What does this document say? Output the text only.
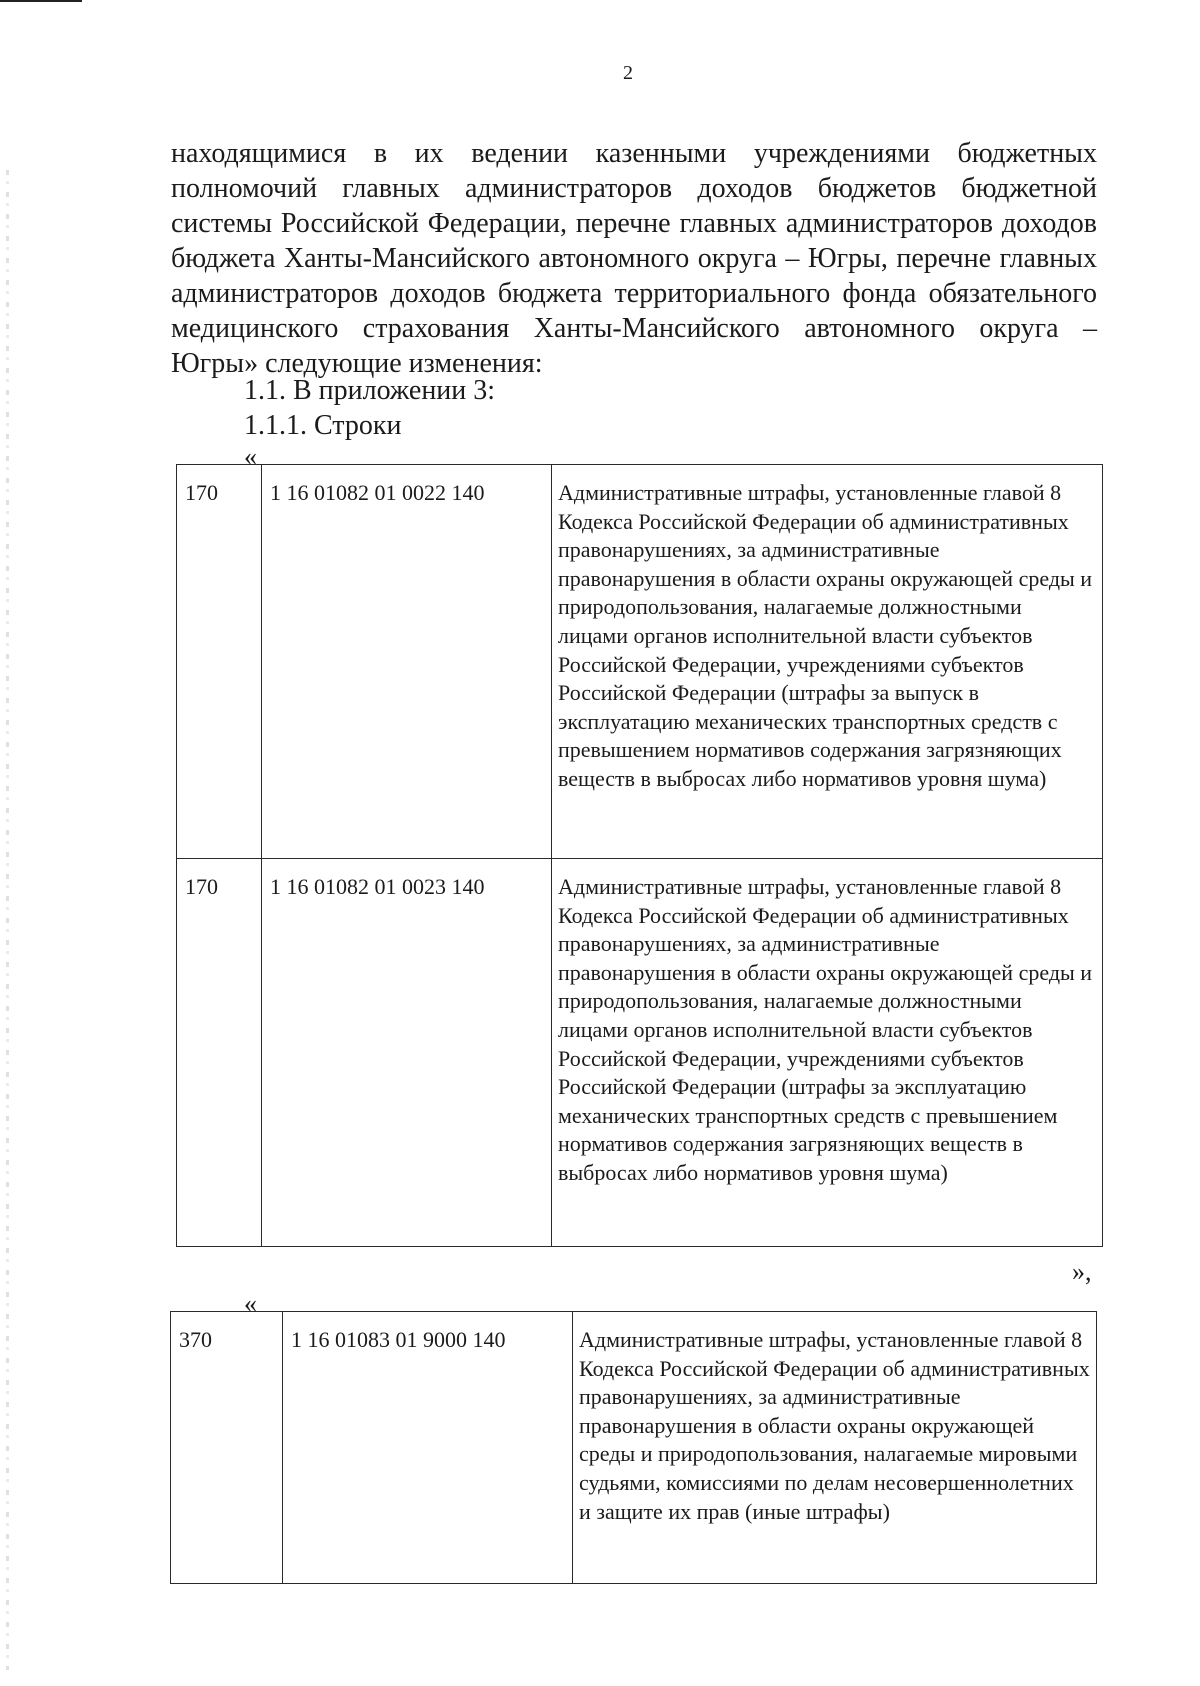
2

находящимися в их ведении казенными учреждениями бюджетных полномочий главных администраторов доходов бюджетов бюджетной системы Российской Федерации, перечне главных администраторов доходов бюджета Ханты-Мансийского автономного округа – Югры, перечне главных администраторов доходов бюджета территориального фонда обязательного медицинского страхования Ханты-Мансийского автономного округа – Югры» следующие изменения:

1.1. В приложении 3:

1.1.1. Строки

«
170	1 16 01082 01 0022 140	Административные штрафы, установленные главой 8 Кодекса Российской Федерации об административных правонарушениях, за административные правонарушения в области охраны окружающей среды и природопользования, налагаемые должностными лицами органов исполнительной власти субъектов Российской Федерации, учреждениями субъектов Российской Федерации (штрафы за выпуск в эксплуатацию механических транспортных средств с превышением нормативов содержания загрязняющих веществ в выбросах либо нормативов уровня шума)
170	1 16 01082 01 0023 140	Административные штрафы, установленные главой 8 Кодекса Российской Федерации об административных правонарушениях, за административные правонарушения в области охраны окружающей среды и природопользования, налагаемые должностными лицами органов исполнительной власти субъектов Российской Федерации, учреждениями субъектов Российской Федерации (штрафы за эксплуатацию механических транспортных средств с превышением нормативов содержания загрязняющих веществ в выбросах либо нормативов уровня шума)
»,
«
370	1 16 01083 01 9000 140	Административные штрафы, установленные главой 8 Кодекса Российской Федерации об административных правонарушениях, за административные правонарушения в области охраны окружающей среды и природопользования, налагаемые мировыми судьями, комиссиями по делам несовершеннолетних и защите их прав (иные штрафы)
